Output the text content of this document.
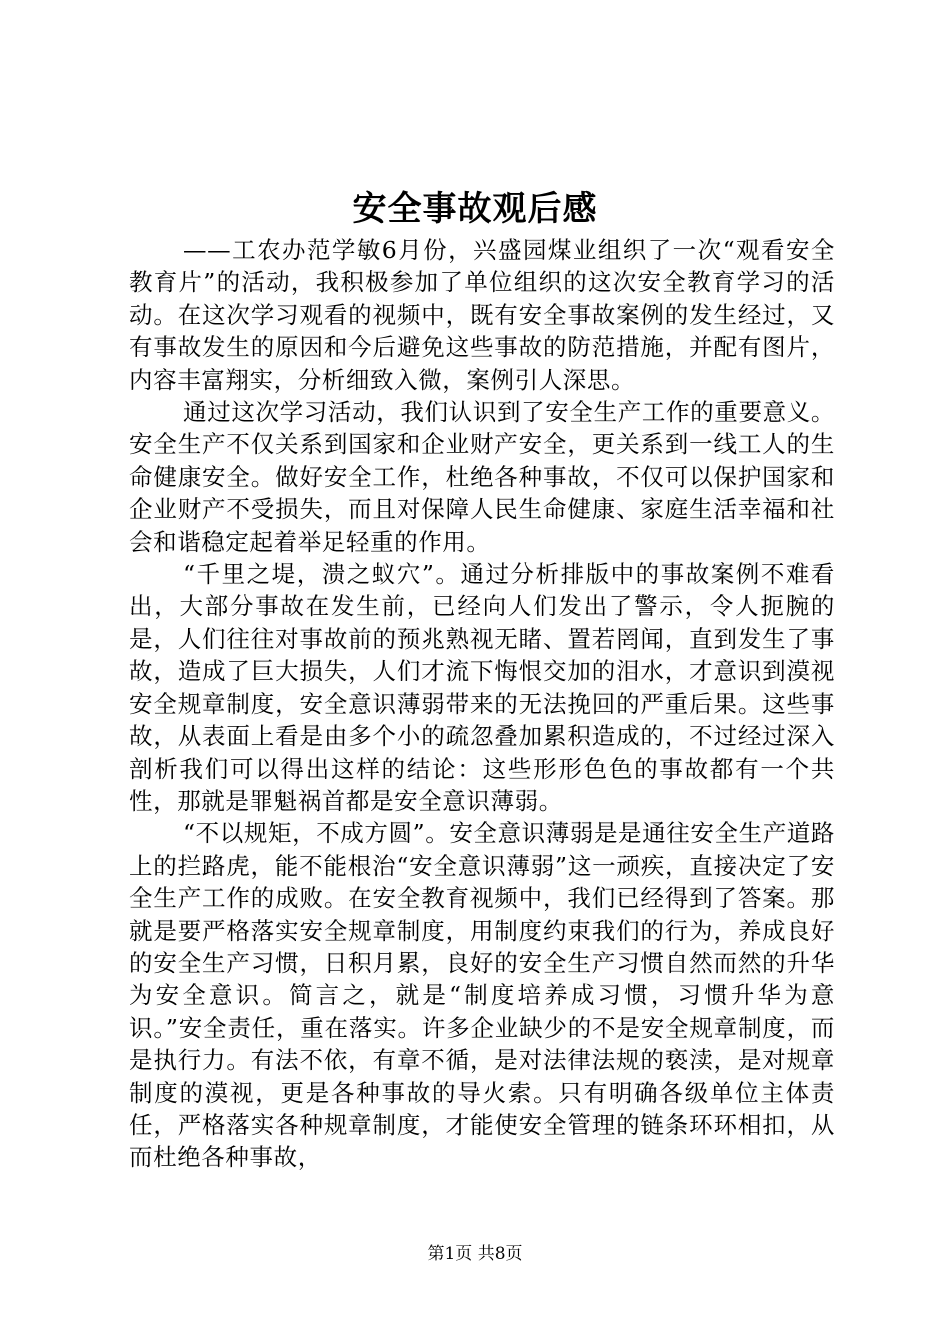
安全事故观后感

——工农办范学敏6月份，兴盛园煤业组织了一次“观看安全教育片”的活动，我积极参加了单位组织的这次安全教育学习的活动。在这次学习观看的视频中，既有安全事故案例的发生经过，又有事故发生的原因和今后避免这些事故的防范措施，并配有图片，内容丰富翔实，分析细致入微，案例引人深思。

通过这次学习活动，我们认识到了安全生产工作的重要意义。安全生产不仅关系到国家和企业财产安全，更关系到一线工人的生命健康安全。做好安全工作，杜绝各种事故，不仅可以保护国家和企业财产不受损失，而且对保障人民生命健康、家庭生活幸福和社会和谐稳定起着举足轻重的作用。

“千里之堤，溃之蚁穴”。通过分析排版中的事故案例不难看出，大部分事故在发生前，已经向人们发出了警示，令人扼腕的是，人们往往对事故前的预兆熟视无睹、置若罔闻，直到发生了事故，造成了巨大损失，人们才流下悔恨交加的泪水，才意识到漠视安全规章制度，安全意识薄弱带来的无法挽回的严重后果。这些事故，从表面上看是由多个小的疏忽叠加累积造成的，不过经过深入剖析我们可以得出这样的结论：这些形形色色的事故都有一个共性，那就是罪魁祸首都是安全意识薄弱。

“不以规矩，不成方圆”。安全意识薄弱是是通往安全生产道路上的拦路虎，能不能根治“安全意识薄弱”这一顽疾，直接决定了安全生产工作的成败。在安全教育视频中，我们已经得到了答案。那就是要严格落实安全规章制度，用制度约束我们的行为，养成良好的安全生产习惯，日积月累，良好的安全生产习惯自然而然的升华为安全意识。简言之，就是“制度培养成习惯，习惯升华为意识。”安全责任，重在落实。许多企业缺少的不是安全规章制度，而是执行力。有法不依，有章不循，是对法律法规的亵渎，是对规章制度的漠视，更是各种事故的导火索。只有明确各级单位主体责任，严格落实各种规章制度，才能使安全管理的链条环环相扣，从而杜绝各种事故，

第1页 共8页
